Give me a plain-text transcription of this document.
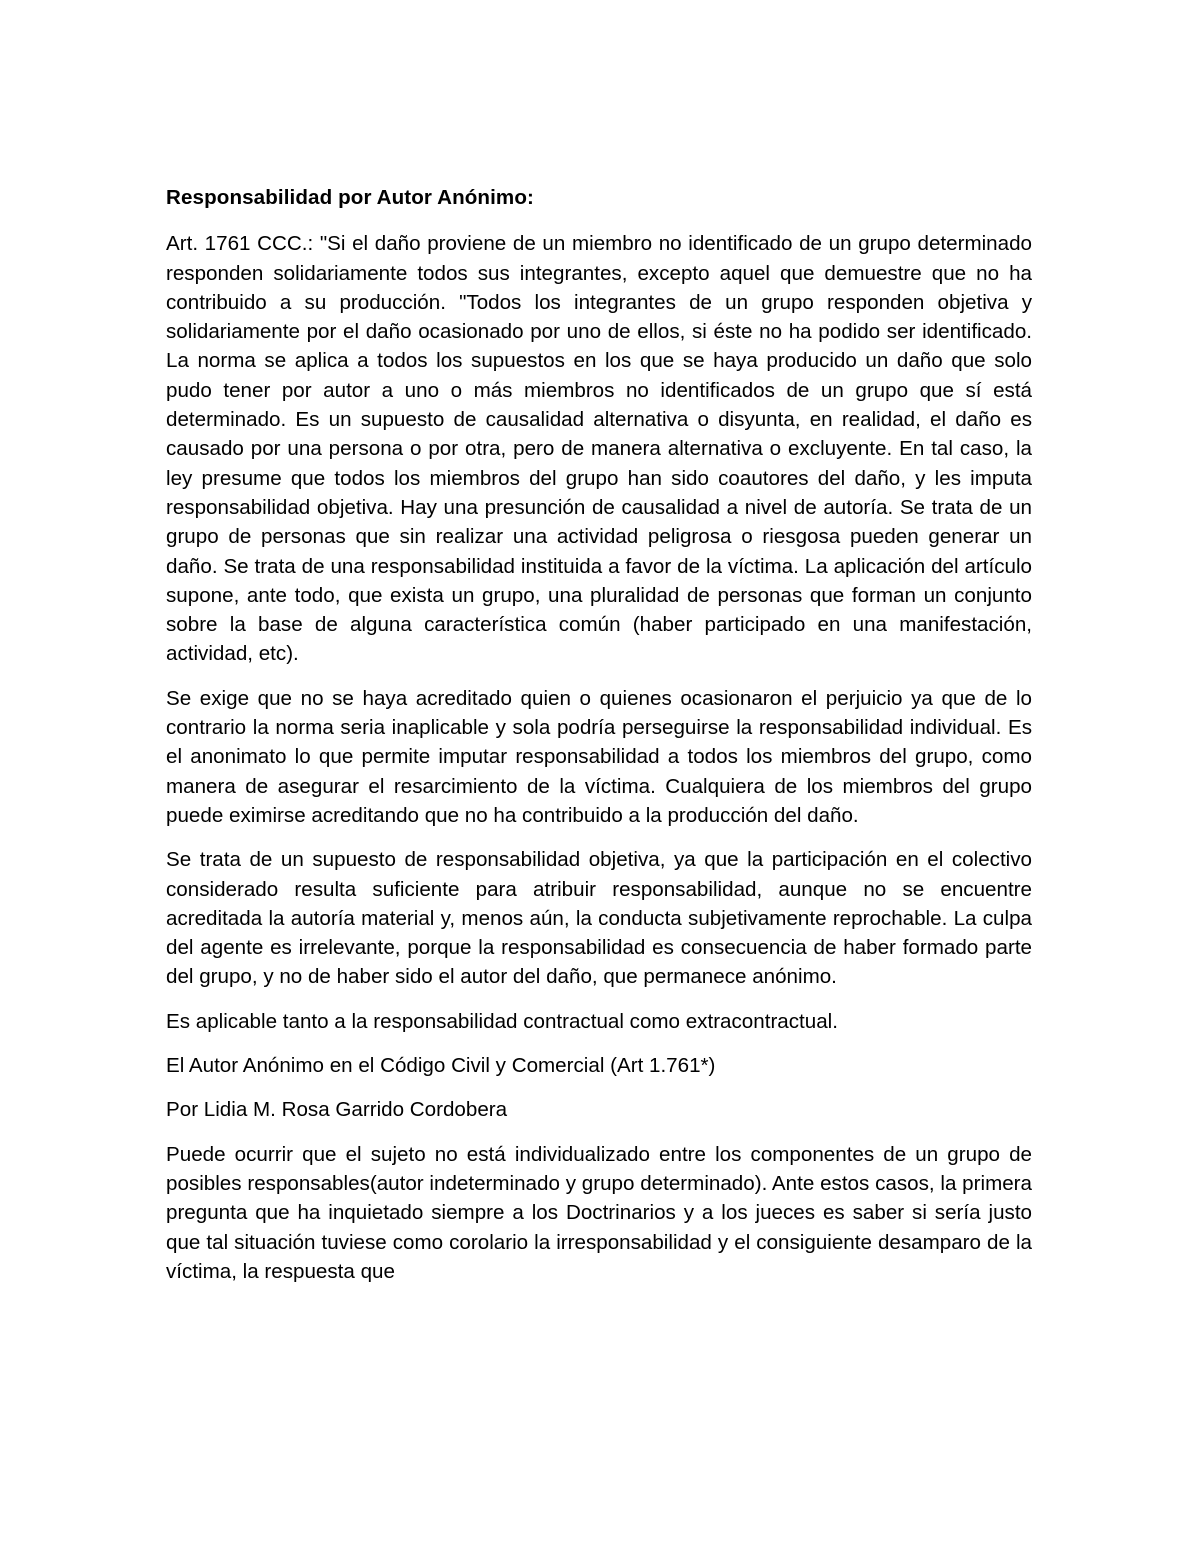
Responsabilidad por Autor Anónimo:

Art. 1761 CCC.: "Si el daño proviene de un miembro no identificado de un grupo determinado responden solidariamente todos sus integrantes, excepto aquel que demuestre que no ha contribuido a su producción. "Todos los integrantes de un grupo responden objetiva y solidariamente por el daño ocasionado por uno de ellos, si éste no ha podido ser identificado. La norma se aplica a todos los supuestos en los que se haya producido un daño que solo pudo tener por autor a uno o más miembros no identificados de un grupo que sí está determinado. Es un supuesto de causalidad alternativa o disyunta, en realidad, el daño es causado por una persona o por otra, pero de manera alternativa o excluyente. En tal caso, la ley presume que todos los miembros del grupo han sido coautores del daño, y les imputa responsabilidad objetiva. Hay una presunción de causalidad a nivel de autoría. Se trata de un grupo de personas que sin realizar una actividad peligrosa o riesgosa pueden generar un daño. Se trata de una responsabilidad instituida a favor de la víctima. La aplicación del artículo supone, ante todo, que exista un grupo, una pluralidad de personas que forman un conjunto sobre la base de alguna característica común (haber participado en una manifestación, actividad, etc).

Se exige que no se haya acreditado quien o quienes ocasionaron el perjuicio ya que de lo contrario la norma seria inaplicable y sola podría perseguirse la responsabilidad individual. Es el anonimato lo que permite imputar responsabilidad a todos los miembros del grupo, como manera de asegurar el resarcimiento de la víctima. Cualquiera de los miembros del grupo puede eximirse acreditando que no ha contribuido a la producción del daño.

Se trata de un supuesto de responsabilidad objetiva, ya que la participación en el colectivo considerado resulta suficiente para atribuir responsabilidad, aunque no se encuentre acreditada la autoría material y, menos aún, la conducta subjetivamente reprochable. La culpa del agente es irrelevante, porque la responsabilidad es consecuencia de haber formado parte del grupo, y no de haber sido el autor del daño, que permanece anónimo.

Es aplicable tanto a la responsabilidad contractual como extracontractual.

El Autor Anónimo en el Código Civil y Comercial (Art 1.761*)

Por Lidia M. Rosa Garrido Cordobera

Puede ocurrir que el sujeto no está individualizado entre los componentes de un grupo de posibles responsables(autor indeterminado y grupo determinado). Ante estos casos, la primera pregunta que ha inquietado siempre a los Doctrinarios y a los jueces es saber si sería justo que tal situación tuviese como corolario la irresponsabilidad y el consiguiente desamparo de la víctima, la respuesta que
